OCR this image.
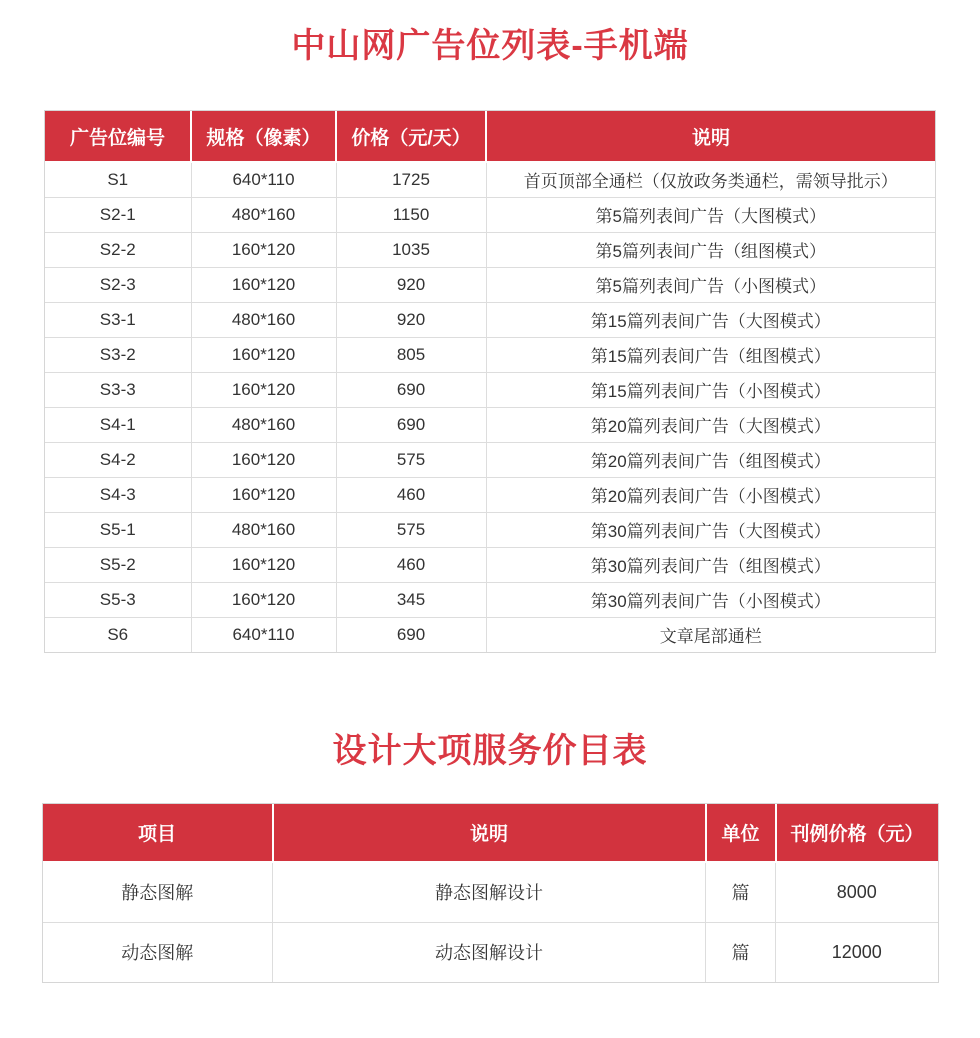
中山网广告位列表-手机端
广告位编号	规格（像素）	价格（元/天）	说明
S1	640*110	1725	首页顶部全通栏（仅放政务类通栏，需领导批示）
S2-1	480*160	1150	第5篇列表间广告（大图模式）
S2-2	160*120	1035	第5篇列表间广告（组图模式）
S2-3	160*120	920	第5篇列表间广告（小图模式）
S3-1	480*160	920	第15篇列表间广告（大图模式）
S3-2	160*120	805	第15篇列表间广告（组图模式）
S3-3	160*120	690	第15篇列表间广告（小图模式）
S4-1	480*160	690	第20篇列表间广告（大图模式）
S4-2	160*120	575	第20篇列表间广告（组图模式）
S4-3	160*120	460	第20篇列表间广告（小图模式）
S5-1	480*160	575	第30篇列表间广告（大图模式）
S5-2	160*120	460	第30篇列表间广告（组图模式）
S5-3	160*120	345	第30篇列表间广告（小图模式）
S6	640*110	690	文章尾部通栏
设计大项服务价目表
项目	说明	单位	刊例价格（元）
静态图解	静态图解设计	篇	8000
动态图解	动态图解设计	篇	12000
